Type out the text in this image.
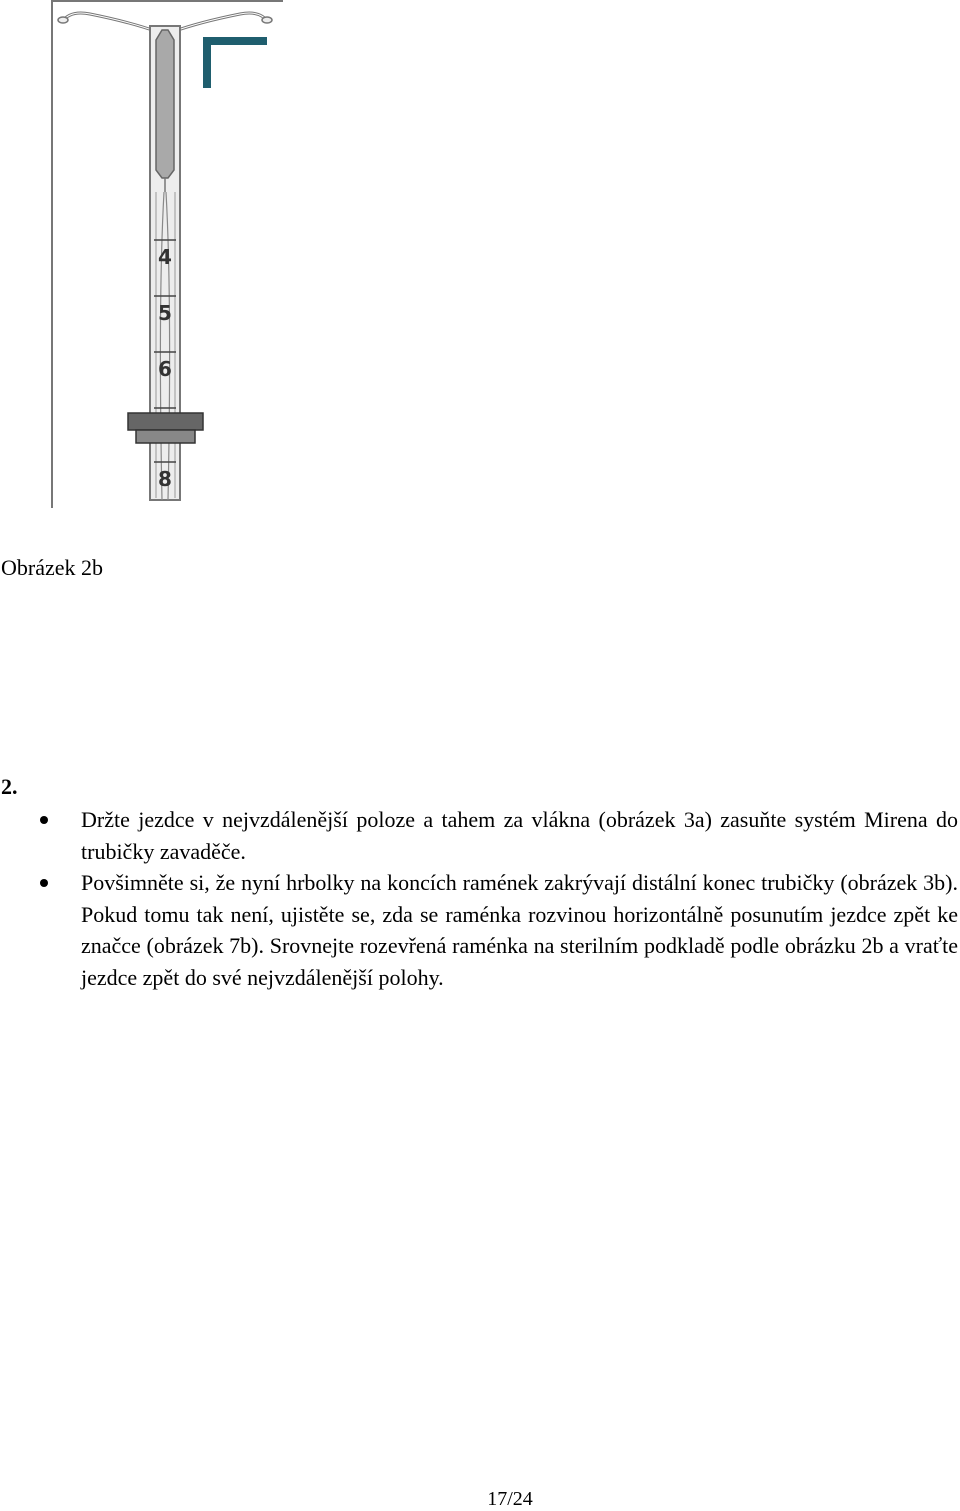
4
5
6
8
Obrázek 2b
2.
Držte jezdce v nejvzdálenější poloze a tahem za vlákna (obrázek 3a) zasuňte systém Mirena do trubičky zavaděče.
Povšimněte si, že nyní hrbolky na koncích ramének zakrývají distální konec trubičky (obrázek 3b). Pokud tomu tak není, ujistěte se, zda se raménka rozvinou horizontálně posunutím jezdce zpět ke značce (obrázek 7b). Srovnejte rozevřená raménka na sterilním podkladě podle obrázku 2b a vraťte jezdce zpět do své nejvzdálenější polohy.
17/24
